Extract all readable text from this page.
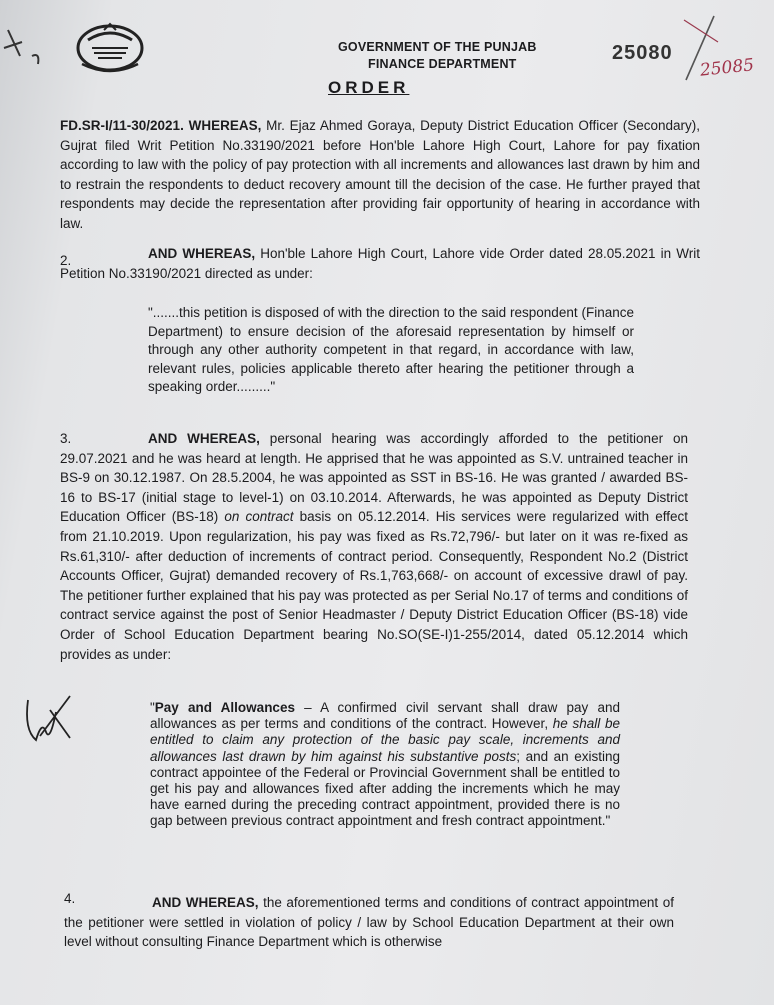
GOVERNMENT OF THE PUNJAB
FINANCE DEPARTMENT	25080
25085
ORDER
FD.SR-I/11-30/2021. WHEREAS, Mr. Ejaz Ahmed Goraya, Deputy District Education Officer (Secondary), Gujrat filed Writ Petition No.33190/2021 before Hon'ble Lahore High Court, Lahore for pay fixation according to law with the policy of pay protection with all increments and allowances last drawn by him and to restrain the respondents to deduct recovery amount till the decision of the case. He further prayed that respondents may decide the representation after providing fair opportunity of hearing in accordance with law.
2.	AND WHEREAS, Hon'ble Lahore High Court, Lahore vide Order dated 28.05.2021 in Writ Petition No.33190/2021 directed as under:
".......this petition is disposed of with the direction to the said respondent (Finance Department) to ensure decision of the aforesaid representation by himself or through any other authority competent in that regard, in accordance with law, relevant rules, policies applicable thereto after hearing the petitioner through a speaking order........."
3.	AND WHEREAS, personal hearing was accordingly afforded to the petitioner on 29.07.2021 and he was heard at length. He apprised that he was appointed as S.V. untrained teacher in BS-9 on 30.12.1987. On 28.5.2004, he was appointed as SST in BS-16. He was granted / awarded BS-16 to BS-17 (initial stage to level-1) on 03.10.2014. Afterwards, he was appointed as Deputy District Education Officer (BS-18) on contract basis on 05.12.2014. His services were regularized with effect from 21.10.2019. Upon regularization, his pay was fixed as Rs.72,796/- but later on it was re-fixed as Rs.61,310/- after deduction of increments of contract period. Consequently, Respondent No.2 (District Accounts Officer, Gujrat) demanded recovery of Rs.1,763,668/- on account of excessive drawl of pay. The petitioner further explained that his pay was protected as per Serial No.17 of terms and conditions of contract service against the post of Senior Headmaster / Deputy District Education Officer (BS-18) vide Order of School Education Department bearing No.SO(SE-I)1-255/2014, dated 05.12.2014 which provides as under:
"Pay and Allowances – A confirmed civil servant shall draw pay and allowances as per terms and conditions of the contract. However, he shall be entitled to claim any protection of the basic pay scale, increments and allowances last drawn by him against his substantive posts; and an existing contract appointee of the Federal or Provincial Government shall be entitled to get his pay and allowances fixed after adding the increments which he may have earned during the preceding contract appointment, provided there is no gap between previous contract appointment and fresh contract appointment."
4.	AND WHEREAS, the aforementioned terms and conditions of contract appointment of the petitioner were settled in violation of policy / law by School Education Department at their own level without consulting Finance Department which is otherwise
